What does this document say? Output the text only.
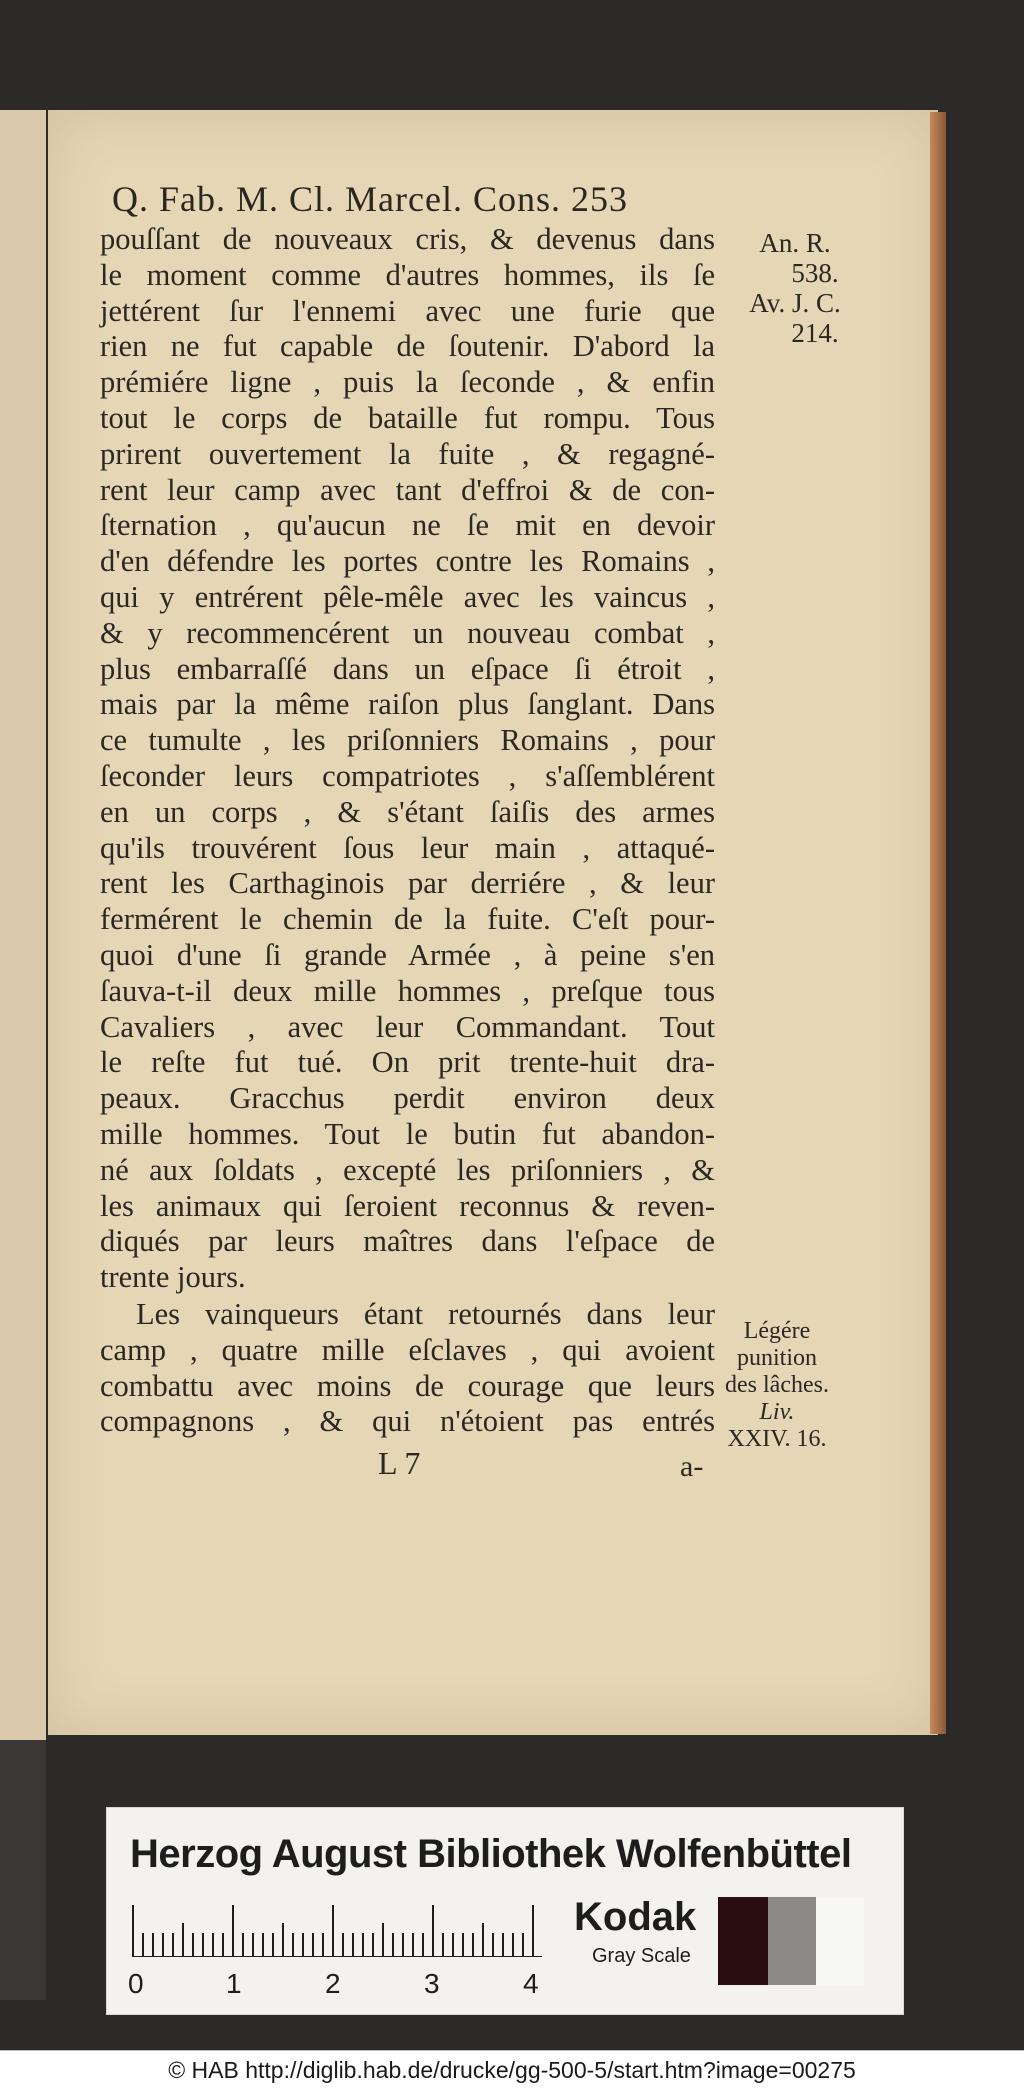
Q. Fab. M. Cl. Marcel. Cons. 253
An. R.
538.
Av. J. C.
214.
pouſſant de nouveaux cris, & devenus dans
le moment comme d'autres hommes, ils ſe
jettérent ſur l'ennemi avec une furie que
rien ne fut capable de ſoutenir. D'abord la
prémiére ligne , puis la ſeconde , & enfin
tout le corps de bataille fut rompu. Tous
prirent ouvertement la fuite , & regagné-
rent leur camp avec tant d'effroi & de con-
ſternation , qu'aucun ne ſe mit en devoir
d'en défendre les portes contre les Romains ,
qui y entrérent pêle-mêle avec les vaincus ,
& y recommencérent un nouveau combat ,
plus embarraſſé dans un eſpace ſi étroit ,
mais par la même raiſon plus ſanglant. Dans
ce tumulte , les priſonniers Romains , pour
ſeconder leurs compatriotes , s'aſſemblérent
en un corps , & s'étant ſaiſis des armes
qu'ils trouvérent ſous leur main , attaqué-
rent les Carthaginois par derriére , & leur
fermérent le chemin de la fuite. C'eſt pour-
quoi d'une ſi grande Armée , à peine s'en
ſauva-t-il deux mille hommes , preſque tous
Cavaliers , avec leur Commandant. Tout
le reſte fut tué. On prit trente-huit dra-
peaux. Gracchus perdit environ deux
mille hommes. Tout le butin fut abandon-
né aux ſoldats , excepté les priſonniers , &
les animaux qui ſeroient reconnus & reven-
diqués par leurs maîtres dans l'eſpace de
trente jours.
Les vainqueurs étant retournés dans leur
camp , quatre mille eſclaves , qui avoient
combattu avec moins de courage que leurs
compagnons , & qui n'étoient pas entrés
Légére
punition
des lâches.
Liv.
XXIV. 16.
L 7	a-
Herzog August Bibliothek Wolfenbüttel
0	1	2	3	4
Kodak
Gray Scale
© HAB http://diglib.hab.de/drucke/gg-500-5/start.htm?image=00275
